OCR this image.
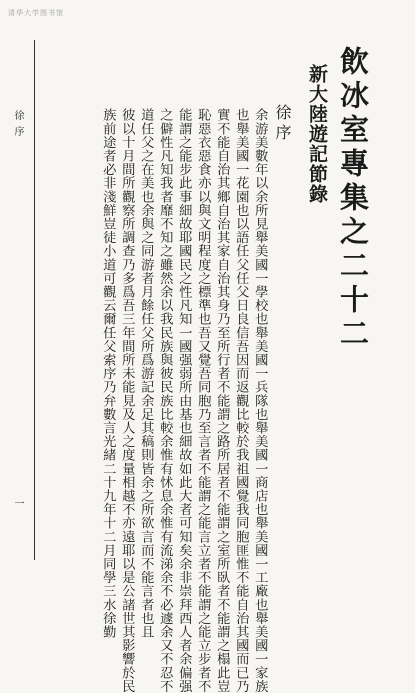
清华大学图书馆
飲冰室專集之二十二
新大陸遊記節錄
徐序
余游美數年以余所見舉美國一學校也舉美國一兵隊也舉美國一商店也舉美國一工廠也舉美國一家族
也舉美國一花園也以語任父任父日良信吾因而返觀比較於我祖國覺我同胞匪惟不能自治其國而已乃
實不能自治其鄉自治其家自治其身乃至所行者不能謂之路所居者不能謂之室所臥者不能謂之榻此豈
恥惡衣惡食亦以與文明程度之標準也吾又覺吾同胞乃至言者不能謂之能言立者不能謂之能立步者不
能謂之能步此事細故耶國民之性凡知一國强弱所由基也細故如此大者可知矣余非崇拜西人者余偏强
之僻性凡知我者靡不知之雖然余以我民族與彼民族比較余惟有怵息余惟有流涕余不必遽余又不忍不
道任父之在美也余與之同游者月餘任父所爲游記余足其稿則皆余之所欲言而不能言者也且
彼以十月間所觀察所調查乃多爲吾三年間所未能見及人之度量相越不亦遠耶以是公諸世其影響於民
族前途者必非淺鮮豈徒小道可觀云爾任父索序乃弁數言光緒二十九年十二月同學三水徐勤
徐序
一
